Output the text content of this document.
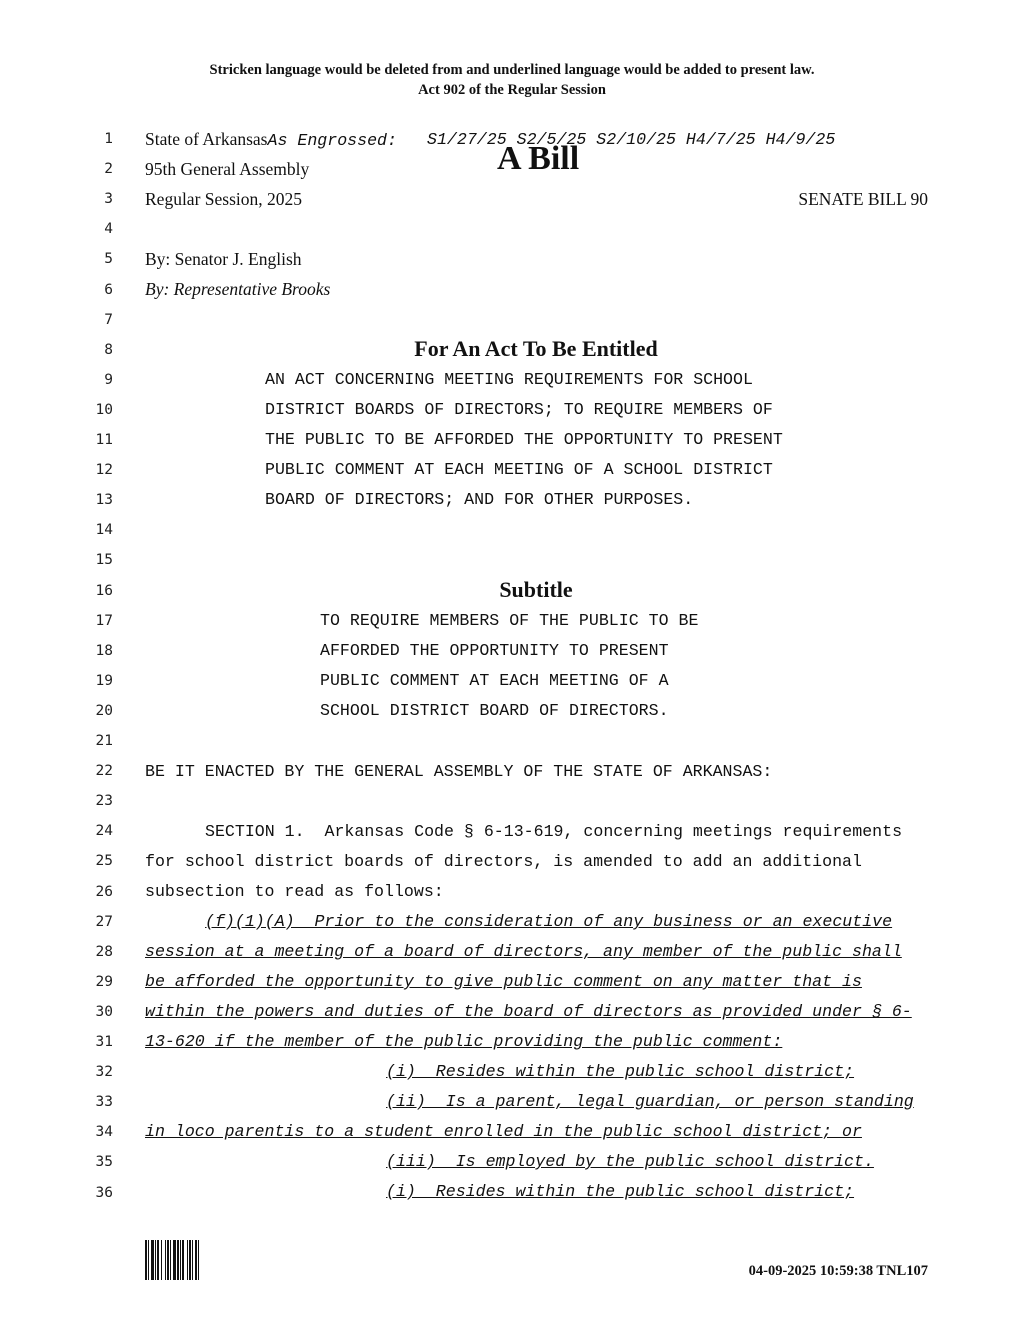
Stricken language would be deleted from and underlined language would be added to present law.
Act 902 of the Regular Session
1
2
3
4
5
6
7
8
9
10
11
12
13
14
15
16
17
18
19
20
21
22
23
24
25
26
27
28
29
30
31
32
33
34
35
36
State of ArkansasAs Engrossed: S1/27/25 S2/5/25 S2/10/25 H4/7/25 H4/9/25
95th General Assembly	A Bill
Regular Session, 2025	SENATE BILL 90
By: Senator J. English
By: Representative Brooks
For An Act To Be Entitled
AN ACT CONCERNING MEETING REQUIREMENTS FOR SCHOOL
DISTRICT BOARDS OF DIRECTORS; TO REQUIRE MEMBERS OF
THE PUBLIC TO BE AFFORDED THE OPPORTUNITY TO PRESENT
PUBLIC COMMENT AT EACH MEETING OF A SCHOOL DISTRICT
BOARD OF DIRECTORS; AND FOR OTHER PURPOSES.
Subtitle
TO REQUIRE MEMBERS OF THE PUBLIC TO BE
AFFORDED THE OPPORTUNITY TO PRESENT
PUBLIC COMMENT AT EACH MEETING OF A
SCHOOL DISTRICT BOARD OF DIRECTORS.
BE IT ENACTED BY THE GENERAL ASSEMBLY OF THE STATE OF ARKANSAS:
SECTION 1.  Arkansas Code § 6-13-619, concerning meetings requirements
for school district boards of directors, is amended to add an additional
subsection to read as follows:
(f)(1)(A)  Prior to the consideration of any business or an executive
session at a meeting of a board of directors, any member of the public shall
be afforded the opportunity to give public comment on any matter that is
within the powers and duties of the board of directors as provided under § 6-
13-620 if the member of the public providing the public comment:
(i)  Resides within the public school district;
(ii)  Is a parent, legal guardian, or person standing
in loco parentis to a student enrolled in the public school district; or
(iii)  Is employed by the public school district.
(i)  Resides within the public school district;
04-09-2025 10:59:38 TNL107
